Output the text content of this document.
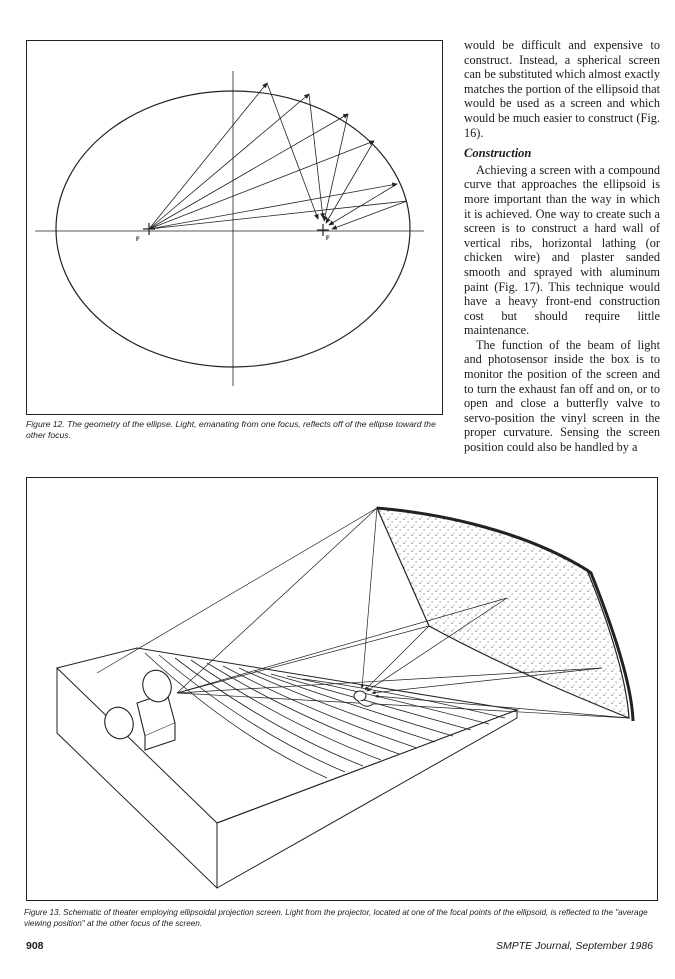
F	F
Figure 12. The geometry of the ellipse. Light, emanating from one focus, reflects off of the ellipse toward the other focus.

would be difficult and expensive to construct. Instead, a spherical screen can be substituted which almost exactly matches the portion of the ellipsoid that would be used as a screen and which would be much easier to construct (Fig. 16).

Construction

Achieving a screen with a compound curve that approaches the ellipsoid is more important than the way in which it is achieved. One way to create such a screen is to construct a hard wall of vertical ribs, horizontal lathing (or chicken wire) and plaster sanded smooth and sprayed with aluminum paint (Fig. 17). This technique would have a heavy front-end construction cost but should require little maintenance.

The function of the beam of light and photosensor inside the box is to monitor the position of the screen and to turn the exhaust fan off and on, or to open and close a butterfly valve to servo-position the vinyl screen in the proper curvature. Sensing the screen position could also be handled by a

Figure 13. Schematic of theater employing ellipsoidal projection screen. Light from the projector, located at one of the focal points of the ellipsoid, is reflected to the "average viewing position" at the other focus of the screen.
908	SMPTE Journal, September 1986
